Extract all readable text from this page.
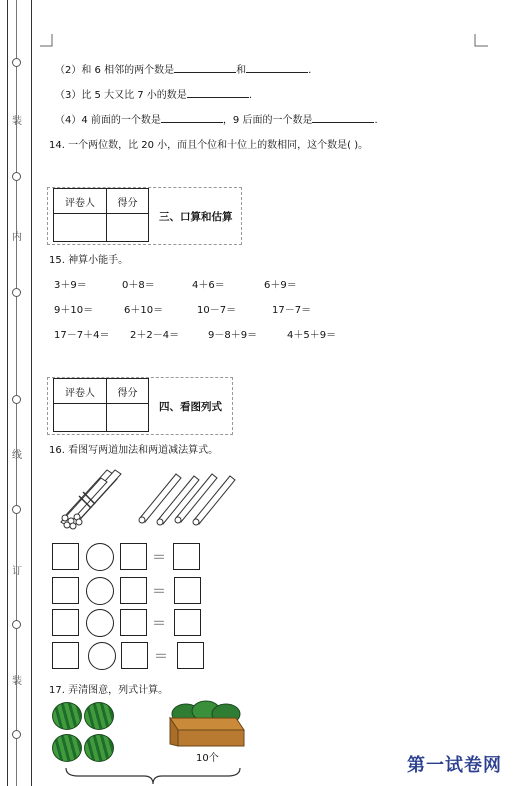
装
内
线
订
装
（2）和 6 相邻的两个数是	和	.
（3）比 5 大又比 7 小的数是	.
（4）4 前面的一个数是	，9 后面的一个数是	.
14. 一个两位数，比 20 小，而且个位和十位上的数相同，这个数是( )。
评卷人	得分

三、口算和估算
15. 神算小能手。
3＋9＝	0＋8＝	4＋6＝	6＋9＝
9＋10＝	6＋10＝	10－7＝	17－7＝
17－7＋4＝ 2＋2－4＝	9－8＋9＝	4＋5＋9＝
评卷人	得分

四、看图列式
16. 看图写两道加法和两道减法算式。
＝
＝
＝
＝
17. 弄清图意，列式计算。
10个	第一试卷网
